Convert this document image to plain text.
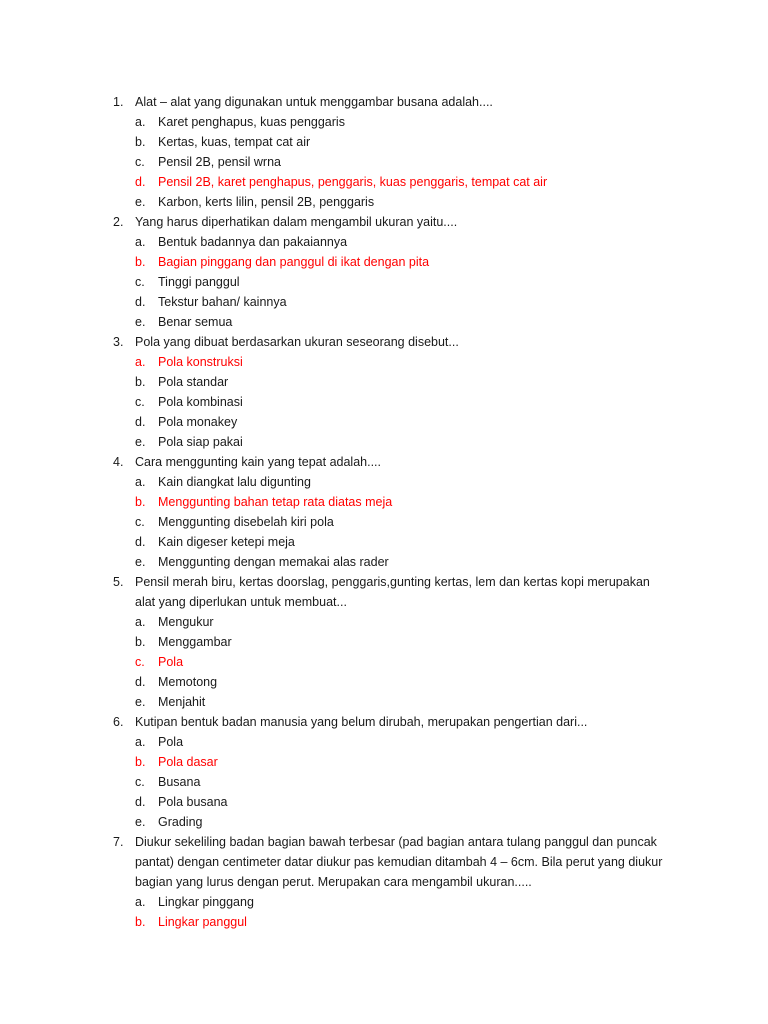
1. Alat – alat yang digunakan untuk menggambar busana adalah....
a. Karet penghapus, kuas penggaris
b. Kertas, kuas, tempat cat air
c. Pensil 2B, pensil wrna
d. Pensil 2B, karet penghapus, penggaris, kuas penggaris, tempat cat air
e. Karbon, kerts lilin, pensil 2B, penggaris
2. Yang harus diperhatikan dalam mengambil ukuran yaitu....
a. Bentuk badannya dan pakaiannya
b. Bagian pinggang dan panggul di ikat dengan pita
c. Tinggi panggul
d. Tekstur bahan/ kainnya
e. Benar semua
3. Pola yang dibuat berdasarkan ukuran seseorang disebut...
a. Pola konstruksi
b. Pola standar
c. Pola kombinasi
d. Pola monakey
e. Pola siap pakai
4. Cara menggunting kain yang tepat adalah....
a. Kain diangkat lalu digunting
b. Menggunting bahan tetap rata diatas meja
c. Menggunting disebelah kiri pola
d. Kain digeser ketepi meja
e. Menggunting dengan memakai alas rader
5. Pensil merah biru, kertas doorslag, penggaris,gunting kertas, lem dan kertas kopi merupakan alat yang diperlukan untuk membuat...
a. Mengukur
b. Menggambar
c. Pola
d. Memotong
e. Menjahit
6. Kutipan bentuk badan manusia yang belum dirubah, merupakan pengertian dari...
a. Pola
b. Pola dasar
c. Busana
d. Pola busana
e. Grading
7. Diukur sekeliling badan bagian bawah terbesar (pad bagian antara tulang panggul dan puncak pantat) dengan centimeter datar diukur pas kemudian ditambah 4 – 6cm. Bila perut yang diukur bagian yang lurus dengan perut. Merupakan cara mengambil ukuran.....
a. Lingkar pinggang
b. Lingkar panggul
